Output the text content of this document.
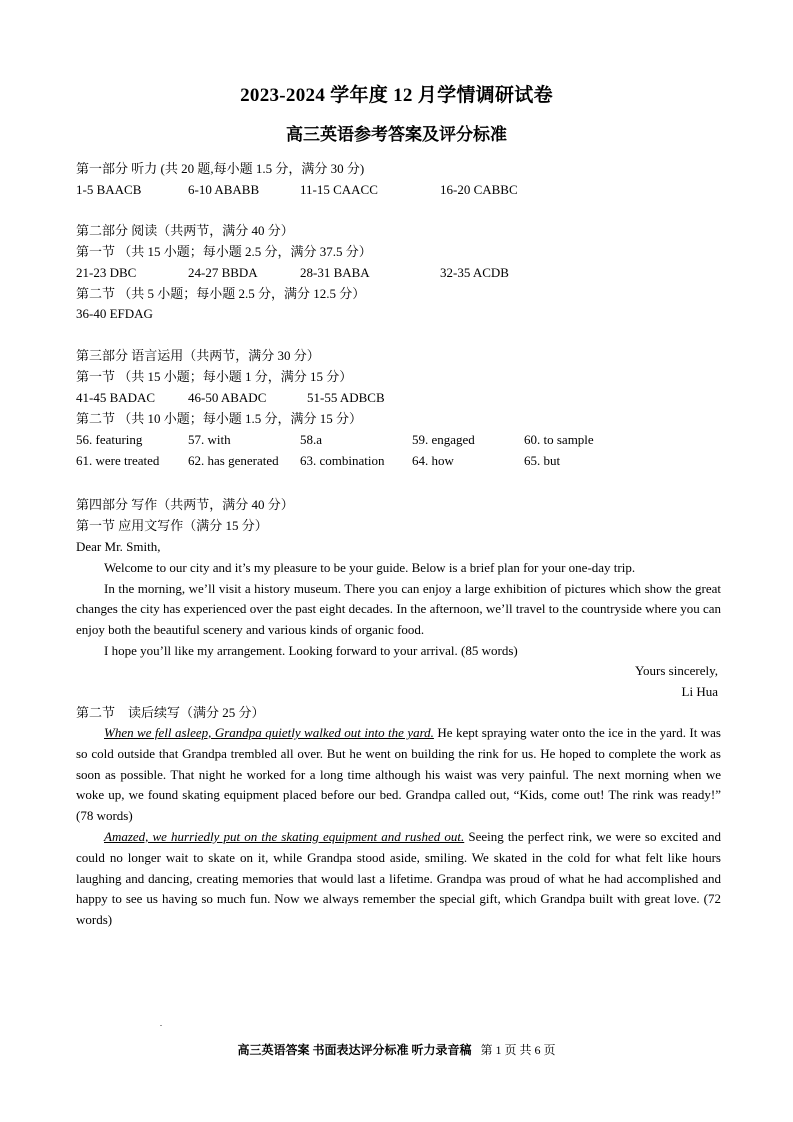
2023-2024 学年度 12 月学情调研试卷
高三英语参考答案及评分标准
第一部分 听力 (共 20 题,每小题 1.5 分，满分 30 分)
1-5 BAACB	6-10 ABABB	11-15 CAACC	16-20 CABBC
第二部分 阅读（共两节，满分 40 分）
第一节 （共 15 小题；每小题 2.5 分，满分 37.5 分）
21-23 DBC	24-27 BBDA	28-31 BABA	32-35 ACDB
第二节 （共 5 小题；每小题 2.5 分，满分 12.5 分）
36-40 EFDAG
第三部分 语言运用（共两节，满分 30 分）
第一节 （共 15 小题；每小题 1 分，满分 15 分）
41-45 BADAC	46-50 ABADC	51-55 ADBCB
第二节 （共 10 小题；每小题 1.5 分，满分 15 分）
56. featuring	57. with	58.a	59. engaged	60. to sample
61. were treated 62. has generated 63. combination 64. how	65. but
第四部分 写作（共两节，满分 40 分）
第一节 应用文写作（满分 15 分）

Dear Mr. Smith,

Welcome to our city and it’s my pleasure to be your guide. Below is a brief plan for your one-day trip.

In the morning, we’ll visit a history museum. There you can enjoy a large exhibition of pictures which show the great changes the city has experienced over the past eight decades. In the afternoon, we’ll travel to the countryside where you can enjoy both the beautiful scenery and various kinds of organic food.

I hope you’ll like my arrangement. Looking forward to your arrival. (85 words)

Yours sincerely,
Li Hua
第二节　读后续写（满分 25 分）

When we fell asleep, Grandpa quietly walked out into the yard. He kept spraying water onto the ice in the yard. It was so cold outside that Grandpa trembled all over. But he went on building the rink for us. He hoped to complete the work as soon as possible. That night he worked for a long time although his waist was very painful. The next morning when we woke up, we found skating equipment placed before our bed. Grandpa called out, “Kids, come out! The rink was ready!” (78 words)

Amazed, we hurriedly put on the skating equipment and rushed out. Seeing the perfect rink, we were so excited and could no longer wait to skate on it, while Grandpa stood aside, smiling. We skated in the cold for what felt like hours laughing and dancing, creating memories that would last a lifetime. Grandpa was proud of what he had accomplished and happy to see us having so much fun. Now we always remember the special gift, which Grandpa built with great love. (72 words)

高三英语答案 书面表达评分标准 听力录音稿 第 1 页 共 6 页
